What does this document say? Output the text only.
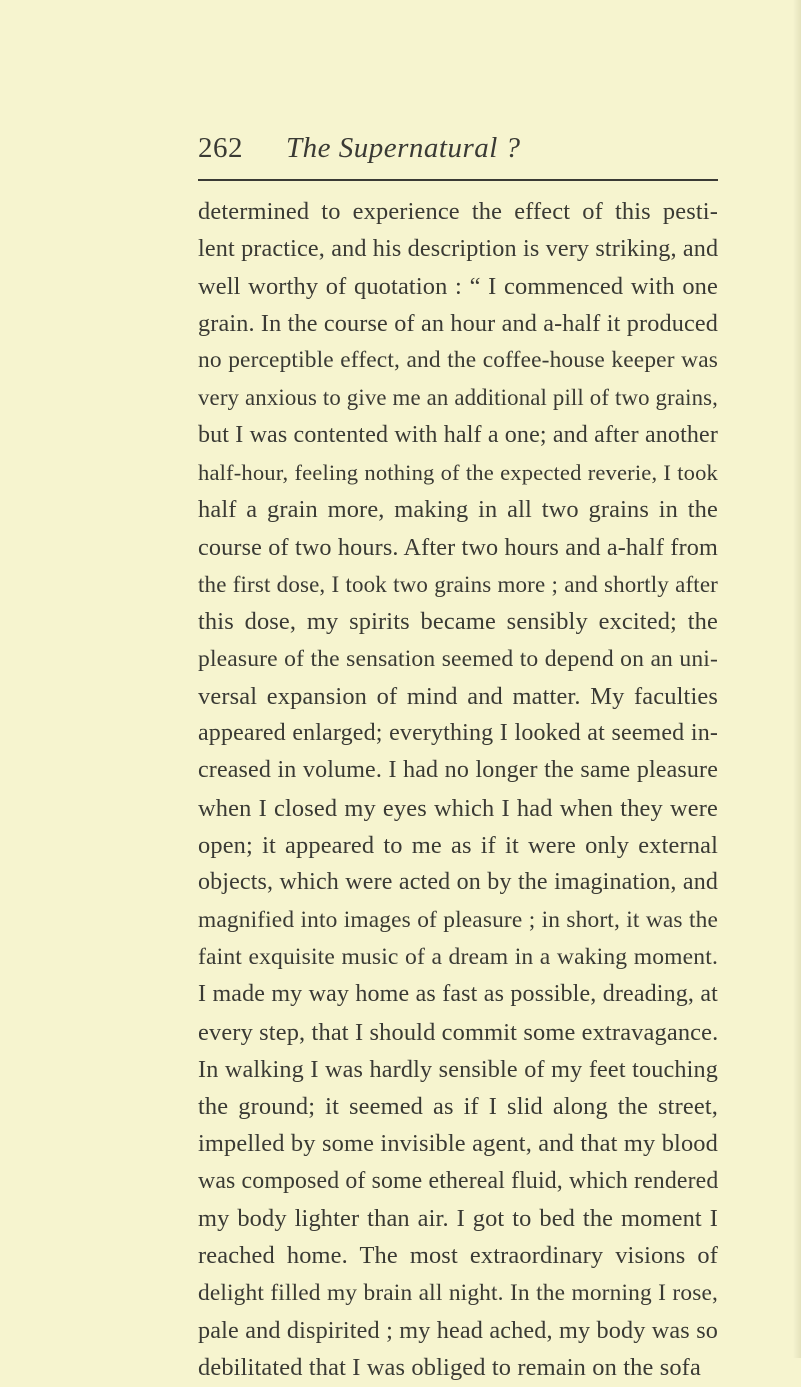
262 The Supernatural ?
determined to experience the effect of this pesti-
lent practice, and his description is very striking, and
well worthy of quotation : “ I commenced with one
grain. In the course of an hour and a-half it produced
no perceptible effect, and the coffee-house keeper was
very anxious to give me an additional pill of two grains,
but I was contented with half a one; and after another
half-hour, feeling nothing of the expected reverie, I took
half a grain more, making in all two grains in the
course of two hours. After two hours and a-half from
the first dose, I took two grains more ; and shortly after
this dose, my spirits became sensibly excited; the
pleasure of the sensation seemed to depend on an uni-
versal expansion of mind and matter. My faculties
appeared enlarged; everything I looked at seemed in-
creased in volume. I had no longer the same pleasure
when I closed my eyes which I had when they were
open; it appeared to me as if it were only external
objects, which were acted on by the imagination, and
magnified into images of pleasure ; in short, it was the
faint exquisite music of a dream in a waking moment.
I made my way home as fast as possible, dreading, at
every step, that I should commit some extravagance.
In walking I was hardly sensible of my feet touching
the ground; it seemed as if I slid along the street,
impelled by some invisible agent, and that my blood
was composed of some ethereal fluid, which rendered
my body lighter than air. I got to bed the moment I
reached home. The most extraordinary visions of
delight filled my brain all night. In the morning I rose,
pale and dispirited ; my head ached, my body was so
debilitated that I was obliged to remain on the sofa
